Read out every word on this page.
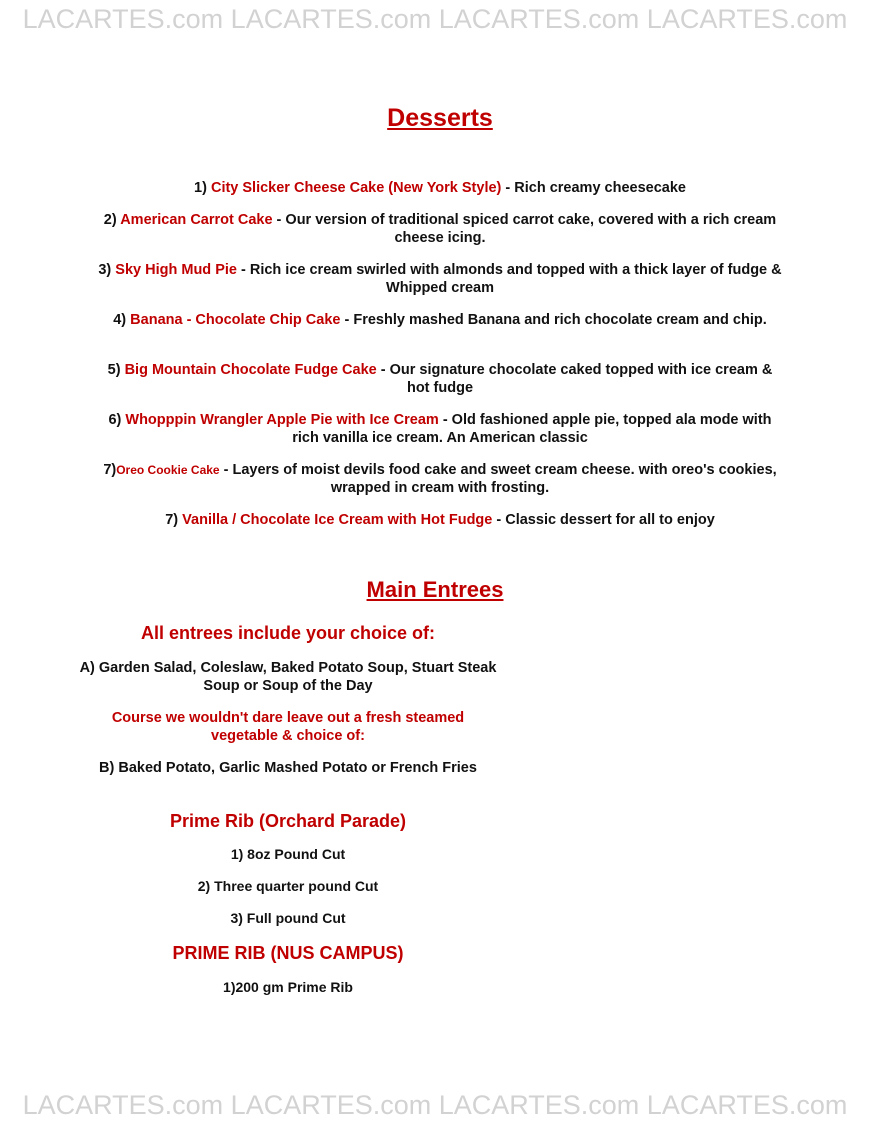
LACARTES.com LACARTES.com LACARTES.com LACARTES.com
Desserts
1) City Slicker Cheese Cake (New York Style) - Rich creamy cheesecake
2) American Carrot Cake - Our version of traditional spiced carrot cake, covered with a rich cream cheese icing.
3) Sky High Mud Pie - Rich ice cream swirled with almonds and topped with a thick layer of fudge & Whipped cream
4) Banana - Chocolate Chip Cake - Freshly mashed Banana and rich chocolate cream and chip.
5) Big Mountain Chocolate Fudge Cake - Our signature chocolate caked topped with ice cream & hot fudge
6) Whopppin Wrangler Apple Pie with Ice Cream - Old fashioned apple pie, topped ala mode with rich vanilla ice cream. An American classic
7)Oreo Cookie Cake - Layers of moist devils food cake and sweet cream cheese. with oreo's cookies, wrapped in cream with frosting.
7) Vanilla / Chocolate Ice Cream with Hot Fudge - Classic dessert for all to enjoy
Main Entrees
All entrees include your choice of:
A) Garden Salad, Coleslaw, Baked Potato Soup, Stuart Steak Soup or Soup of the Day
Course we wouldn't dare leave out a fresh steamed vegetable & choice of:
B) Baked Potato, Garlic Mashed Potato or French Fries
Prime Rib (Orchard Parade)
1) 8oz Pound Cut
2) Three quarter pound Cut
3) Full pound Cut
PRIME RIB (NUS CAMPUS)
1)200 gm Prime Rib
LACARTES.com LACARTES.com LACARTES.com LACARTES.com
